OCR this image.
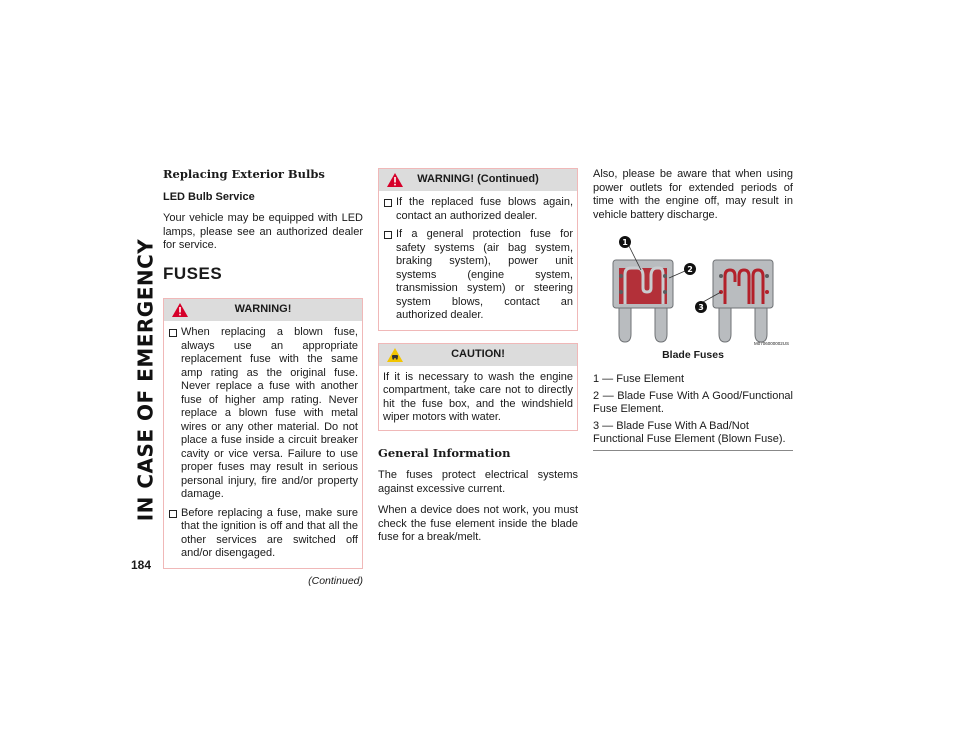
IN CASE OF EMERGENCY
Replacing Exterior Bulbs
LED Bulb Service

Your vehicle may be equipped with LED lamps, please see an authorized dealer for service.

FUSES
WARNING!
When replacing a blown fuse, always use an appropriate replacement fuse with the same amp rating as the original fuse. Never replace a fuse with another fuse of higher amp rating. Never replace a blown fuse with metal wires or any other material. Do not place a fuse inside a circuit breaker cavity or vice versa. Failure to use proper fuses may result in serious personal injury, fire and/or property damage.
Before replacing a fuse, make sure that the ignition is off and that all the other services are switched off and/or disengaged.
(Continued)
WARNING! (Continued)
If the replaced fuse blows again, contact an authorized dealer.
If a general protection fuse for safety systems (air bag system, braking system), power unit systems (engine system, transmission system) or steering system blows, contact an authorized dealer.
CAUTION!

If it is necessary to wash the engine compartment, take care not to directly hit the fuse box, and the windshield wiper motors with water.

General Information

The fuses protect electrical systems against excessive current.

When a device does not work, you must check the fuse element inside the blade fuse for a break/melt.

Also, please be aware that when using power outlets for extended periods of time with the engine off, may result in vehicle battery discharge.

1
2
3
M0706000002US
Blade Fuses
1 — Fuse Element
2 — Blade Fuse With A Good/Functional Fuse Element.
3 — Blade Fuse With A Bad/Not Functional Fuse Element (Blown Fuse).
184
